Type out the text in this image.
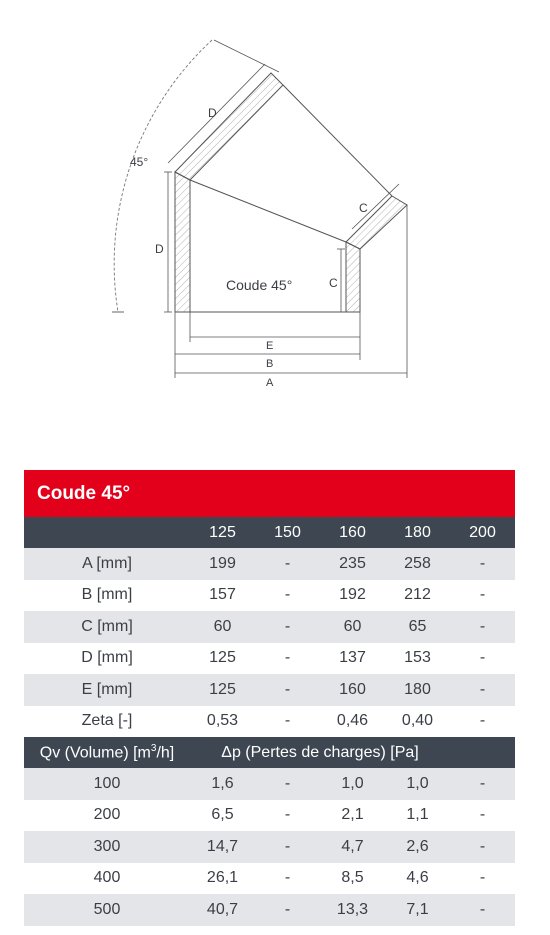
45°
Coude 45°
D
C
D
C
E
B
A
Coude 45°
125	150	160	180	200
A [mm]	199	-	235	258	-
B [mm]	157	-	192	212	-
C [mm]	60	-	60	65	-
D [mm]	125	-	137	153	-
E [mm]	125	-	160	180	-
Zeta [-]	0,53	-	0,46	0,40	-
Qv (Volume) $[m^3/h]$	Δp (Pertes de charges) [Pa]
100	1,6	-	1,0	1,0	-
200	6,5	-	2,1	1,1	-
300	14,7	-	4,7	2,6	-
400	26,1	-	8,5	4,6	-
500	40,7	-	13,3	7,1	-
